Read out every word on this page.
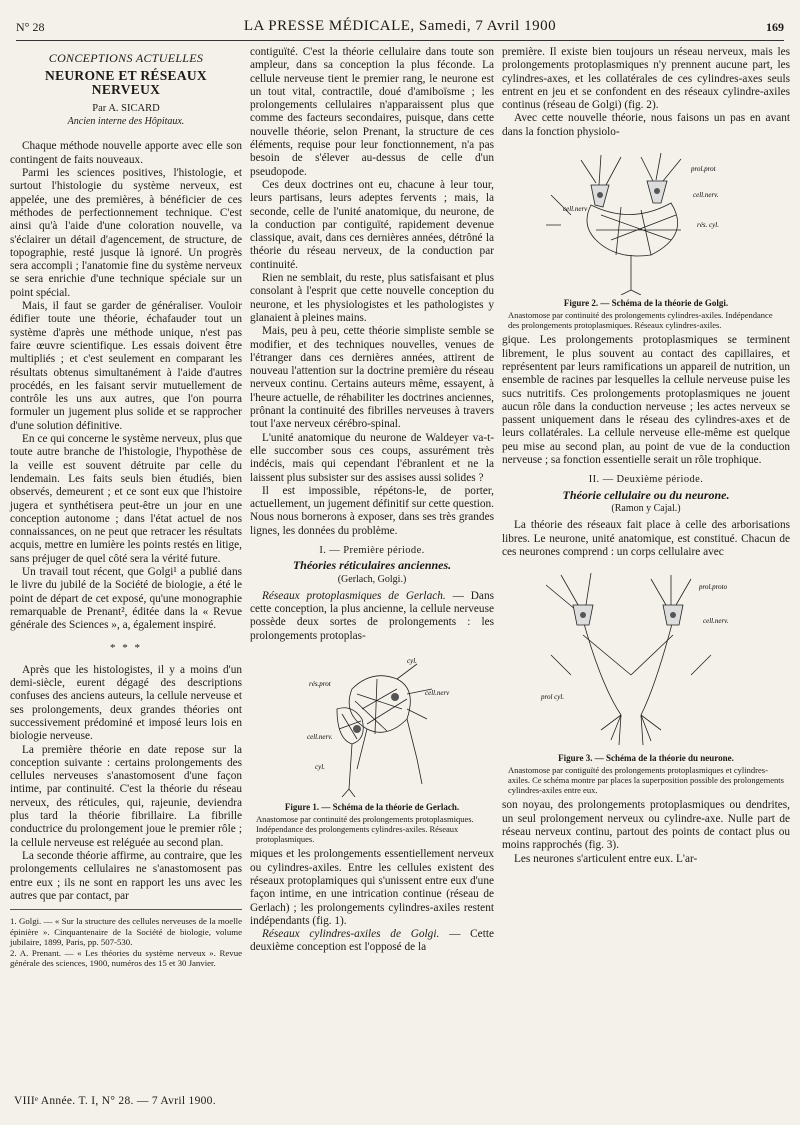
N° 28	LA PRESSE MÉDICALE, Samedi, 7 Avril 1900	169
CONCEPTIONS ACTUELLES
NEURONE ET RÉSEAUX NERVEUX
Par A. SICARD
Ancien interne des Hôpitaux.

Chaque méthode nouvelle apporte avec elle son contingent de faits nouveaux.

Parmi les sciences positives, l'histologie, et surtout l'histologie du système nerveux, est appelée, une des premières, à bénéficier de ces méthodes de perfectionnement technique. C'est ainsi qu'à l'aide d'une coloration nouvelle, va s'éclairer un détail d'agencement, de structure, de topographie, resté jusque là ignoré. Un progrès sera accompli ; l'anatomie fine du système nerveux se sera enrichie d'une technique spéciale sur un point spécial.

Mais, il faut se garder de généraliser. Vouloir édifier toute une théorie, échafauder tout un système d'après une méthode unique, n'est pas faire œuvre scientifique. Les essais doivent être multipliés ; et c'est seulement en comparant les résultats obtenus simultanément à l'aide d'autres procédés, en les faisant servir mutuellement de contrôle les uns aux autres, que l'on pourra formuler un jugement plus solide et se rapprocher d'une solution définitive.

En ce qui concerne le système nerveux, plus que toute autre branche de l'histologie, l'hypothèse de la veille est souvent détruite par celle du lendemain. Les faits seuls bien étudiés, bien observés, demeurent ; et ce sont eux que l'histoire jugera et synthétisera peut-être un jour en une conception autonome ; dans l'état actuel de nos connaissances, on ne peut que retracer les résultats acquis, mettre en lumière les points restés en litige, sans préjuger de quel côté sera la vérité future.

Un travail tout récent, que Golgi¹ a publié dans le livre du jubilé de la Société de biologie, a été le point de départ de cet exposé, qu'une monographie remarquable de Prenant², éditée dans la « Revue générale des Sciences », a, également inspiré.

* * *

Après que les histologistes, il y a moins d'un demi-siècle, eurent dégagé des descriptions confuses des anciens auteurs, la cellule nerveuse et ses prolongements, deux grandes théories ont successivement prédominé et imposé leurs lois en biologie nerveuse.

La première théorie en date repose sur la conception suivante : certains prolongements des cellules nerveuses s'anastomosent d'une façon intime, par continuité. C'est la théorie du réseau nerveux, des réticules, qui, rajeunie, deviendra plus tard la théorie fibrillaire. La fibrille conductrice du prolongement joue le premier rôle ; la cellule nerveuse est reléguée au second plan.

La seconde théorie affirme, au contraire, que les prolongements cellulaires ne s'anastomosent pas entre eux ; ils ne sont en rapport les uns avec les autres que par contact, par

1. Golgi. — « Sur la structure des cellules nerveuses de la moelle épinière ». Cinquantenaire de la Société de biologie, volume jubilaire, 1899, Paris, pp. 507-530.
2. A. Prenant. — « Les théories du système nerveux ». Revue générale des sciences, 1900, numéros des 15 et 30 Janvier.

contiguïté. C'est la théorie cellulaire dans toute son ampleur, dans sa conception la plus féconde. La cellule nerveuse tient le premier rang, le neurone est un tout vital, contractile, doué d'amiboïsme ; les prolongements cellulaires n'apparaissent plus que comme des facteurs secondaires, puisque, dans cette nouvelle théorie, selon Prenant, la structure de ces éléments, requise pour leur fonctionnement, n'a pas besoin de s'élever au-dessus de celle d'un pseudopode.

Ces deux doctrines ont eu, chacune à leur tour, leurs partisans, leurs adeptes fervents ; mais, la seconde, celle de l'unité anatomique, du neurone, de la conduction par contiguïté, rapidement devenue classique, avait, dans ces dernières années, détrôné la théorie du réseau nerveux, de la conduction par continuité.

Rien ne semblait, du reste, plus satisfaisant et plus consolant à l'esprit que cette nouvelle conception du neurone, et les physiologistes et les pathologistes y glanaient à pleines mains.

Mais, peu à peu, cette théorie simpliste semble se modifier, et des techniques nouvelles, venues de l'étranger dans ces dernières années, attirent de nouveau l'attention sur la doctrine première du réseau nerveux continu. Certains auteurs même, essayent, à l'heure actuelle, de réhabiliter les doctrines anciennes, prônant la continuité des fibrilles nerveuses à travers tout l'axe nerveux cérébro-spinal.

L'unité anatomique du neurone de Waldeyer va-t-elle succomber sous ces coups, assurément très indécis, mais qui cependant l'ébranlent et ne la laissent plus subsister sur des assises aussi solides ?

Il est impossible, répétons-le, de porter, actuellement, un jugement définitif sur cette question. Nous nous bornerons à exposer, dans ses très grandes lignes, les données du problème.

I. — Première période.
Théories réticulaires anciennes.
(Gerlach, Golgi.)

Réseaux protoplasmiques de Gerlach. — Dans cette conception, la plus ancienne, la cellule nerveuse possède deux sortes de prolongements : les prolongements protoplas-

cyl.
rés.prot
cell.nerv
cell.nerv.
cyl.
Figure 1. — Schéma de la théorie de Gerlach.
Anastomose par continuité des prolongements protoplasmiques. Indépendance des prolongements cylindres-axiles. Réseaux protoplasmiques.

miques et les prolongements essentiellement nerveux ou cylindres-axiles. Entre les cellules existent des réseaux protoplamiques qui s'unissent entre eux d'une façon intime, en une intrication continue (réseau de Gerlach) ; les prolongements cylindres-axiles restent indépendants (fig. 1).

Réseaux cylindres-axiles de Golgi. — Cette deuxième conception est l'opposé de la

première. Il existe bien toujours un réseau nerveux, mais les prolongements protoplasmiques n'y prennent aucune part, les cylindres-axes, et les collatérales de ces cylindres-axes seuls entrent en jeu et se confondent en des réseaux cylindre-axiles continus (réseau de Golgi) (fig. 2).

Avec cette nouvelle théorie, nous faisons un pas en avant dans la fonction physiolo-

prol.prot
cell.nerv.
cell.nerv
rés. cyl.
Figure 2. — Schéma de la théorie de Golgi.
Anastomose par continuité des prolongements cylindres-axiles. Indépendance des prolongements protoplasmiques. Réseaux cylindres-axiles.

gique. Les prolongements protoplasmiques se terminent librement, le plus souvent au contact des capillaires, et représentent par leurs ramifications un appareil de nutrition, un ensemble de racines par lesquelles la cellule nerveuse puise les sucs nutritifs. Ces prolongements protoplasmiques ne jouent aucun rôle dans la conduction nerveuse ; les actes nerveux se passent uniquement dans le réseau des cylindres-axes et de leurs collatérales. La cellule nerveuse elle-même est quelque peu mise au second plan, au point de vue de la conduction nerveuse ; sa fonction essentielle serait un rôle trophique.

II. — Deuxième période.
Théorie cellulaire ou du neurone.
(Ramon y Cajal.)

La théorie des réseaux fait place à celle des arborisations libres. Le neurone, unité anatomique, est constitué. Chacun de ces neurones comprend : un corps cellulaire avec

prol.proto
cell.nerv.
prol cyl.
Figure 3. — Schéma de la théorie du neurone.
Anastomose par contiguïté des prolongements protoplasmiques et cylindres-axiles. Ce schéma montre par places la superposition possible des prolongements cylindres-axiles entre eux.

son noyau, des prolongements protoplasmiques ou dendrites, un seul prolongement nerveux ou cylindre-axe. Nulle part de réseau nerveux continu, partout des points de contact plus ou moins rapprochés (fig. 3).

Les neurones s'articulent entre eux. L'ar-

VIIIᵉ Année. T. I, N° 28. — 7 Avril 1900.
